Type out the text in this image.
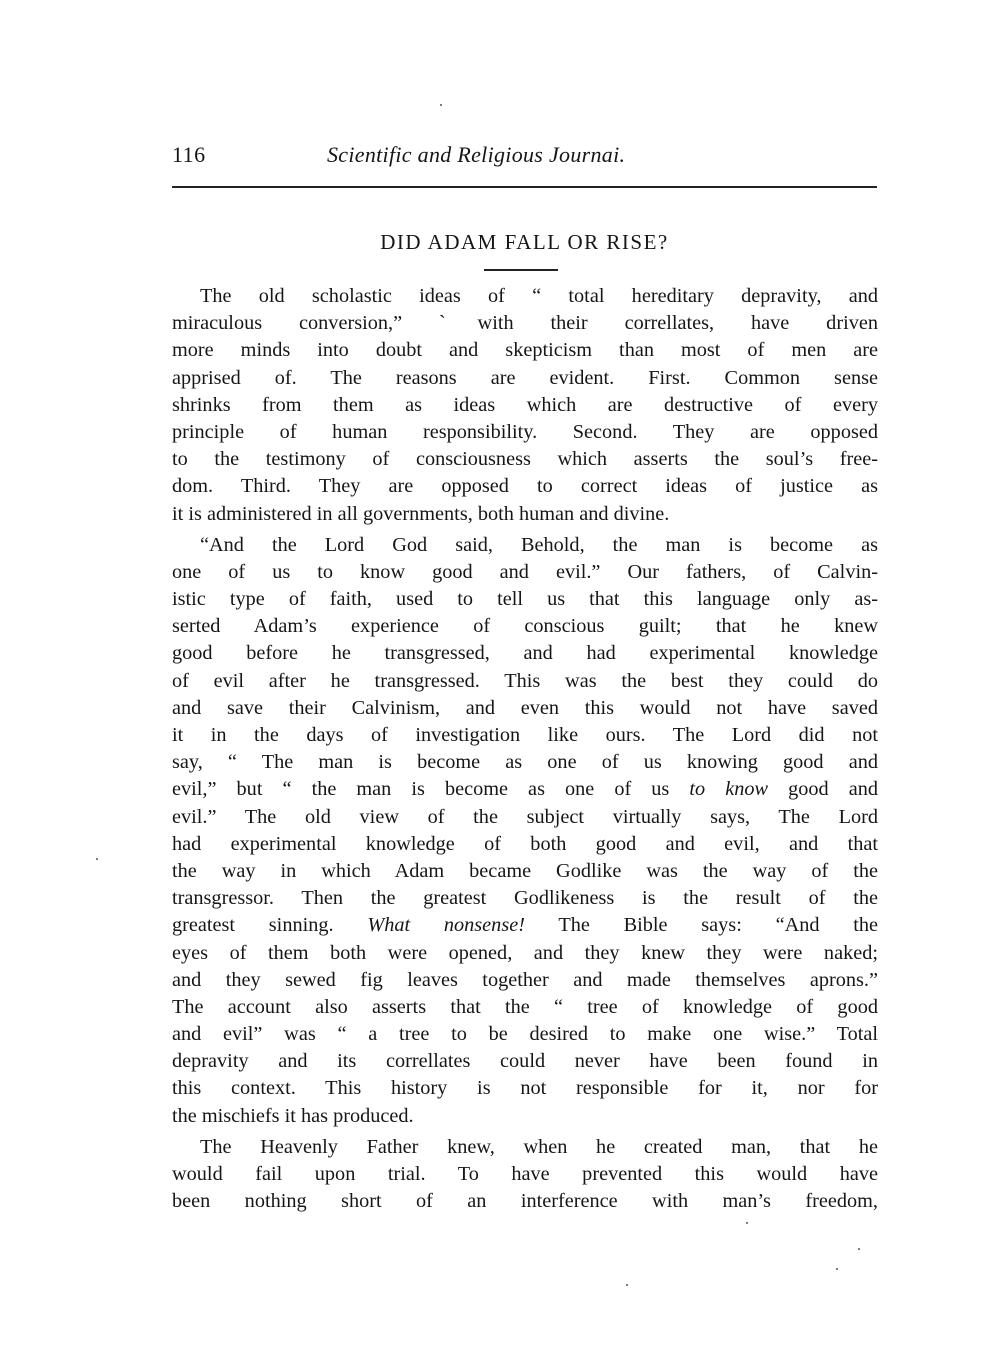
116	Scientific and Religious Journai.
DID ADAM FALL OR RISE?
The old scholastic ideas of “ total hereditary depravity, and
miraculous conversion,” ˋwith their correllates, have driven
more minds into doubt and skepticism than most of men are
apprised of. The reasons are evident. First. Common sense
shrinks from them as ideas which are destructive of every
principle of human responsibility. Second. They are opposed
to the testimony of consciousness which asserts the soul’s free-
dom. Third. They are opposed to correct ideas of justice as
it is administered in all governments, both human and divine.
“And the Lord God said, Behold, the man is become as
one of us to know good and evil.” Our fathers, of Calvin-
istic type of faith, used to tell us that this language only as-
serted Adam’s experience of conscious guilt; that he knew
good before he transgressed, and had experimental knowledge
of evil after he transgressed. This was the best they could do
and save their Calvinism, and even this would not have saved
it in the days of investigation like ours. The Lord did not
say, “ The man is become as one of us knowing good and
evil,” but “ the man is become as one of us to know good and
evil.” The old view of the subject virtually says, The Lord
had experimental knowledge of both good and evil, and that
the way in which Adam became Godlike was the way of the
transgressor. Then the greatest Godlikeness is the result of the
greatest sinning. What nonsense! The Bible says: “And the
eyes of them both were opened, and they knew they were naked;
and they sewed fig leaves together and made themselves aprons.”
The account also asserts that the “ tree of knowledge of good
and evil” was “ a tree to be desired to make one wise.” Total
depravity and its correllates could never have been found in
this context. This history is not responsible for it, nor for
the mischiefs it has produced.
The Heavenly Father knew, when he created man, that he
would fail upon trial. To have prevented this would have
been nothing short of an interference with man’s freedom,
